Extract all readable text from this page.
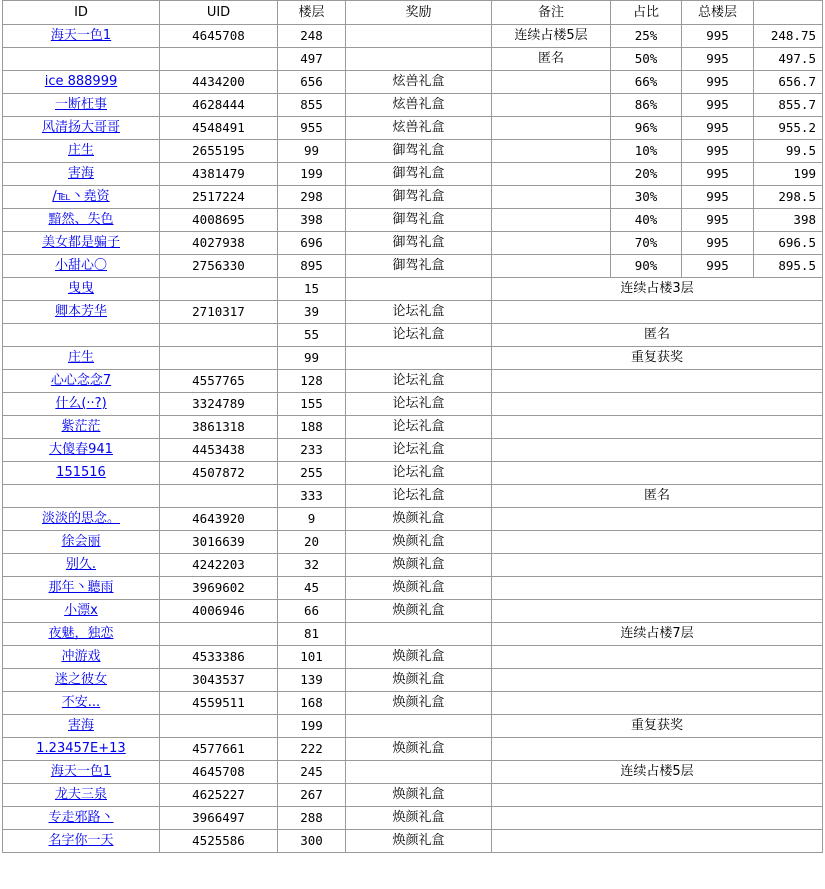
ID	UID	楼层	奖励	备注	占比	总楼层	
海天一色1	4645708	248		连续占楼5层	25%	995	248.75
		497		匿名	50%	995	497.5
ice 888999	4434200	656	炫兽礼盒		66%	995	656.7
一断枉事	4628444	855	炫兽礼盒		86%	995	855.7
风清扬大哥哥	4548491	955	炫兽礼盒		96%	995	955.2
庄生	2655195	99	御驾礼盒		10%	995	99.5
害海	4381479	199	御驾礼盒		20%	995	199
/℡丶堯资	2517224	298	御驾礼盒		30%	995	298.5
黯然、失色	4008695	398	御驾礼盒		40%	995	398
美女都是骗子	4027938	696	御驾礼盒		70%	995	696.5
小甜心〇	2756330	895	御驾礼盒		90%	995	895.5
曳曳		15		连续占楼3层			
卿本芳华	2710317	39	论坛礼盒				
		55	论坛礼盒	匿名			
庄生		99		重复获奖			
心心念念7	4557765	128	论坛礼盒				
什么(··?)	3324789	155	论坛礼盒				
紫茫茫	3861318	188	论坛礼盒				
大傻春941	4453438	233	论坛礼盒				
151516	4507872	255	论坛礼盒				
		333	论坛礼盒	匿名			
淡淡的思念。	4643920	9	焕颜礼盒				
徐会丽	3016639	20	焕颜礼盒				
别久.	4242203	32	焕颜礼盒				
那年丶聽雨	3969602	45	焕颜礼盒				
小漂x	4006946	66	焕颜礼盒				
夜魅，独恋		81		连续占楼7层			
冲游戏	4533386	101	焕颜礼盒				
迷之彼女	3043537	139	焕颜礼盒				
不安...	4559511	168	焕颜礼盒				
害海		199		重复获奖			
1.23457E+13	4577661	222	焕颜礼盒				
海天一色1	4645708	245		连续占楼5层			
龙夫三泉	4625227	267	焕颜礼盒				
专走邪路丶	3966497	288	焕颜礼盒				
名字你一天	4525586	300	焕颜礼盒				
